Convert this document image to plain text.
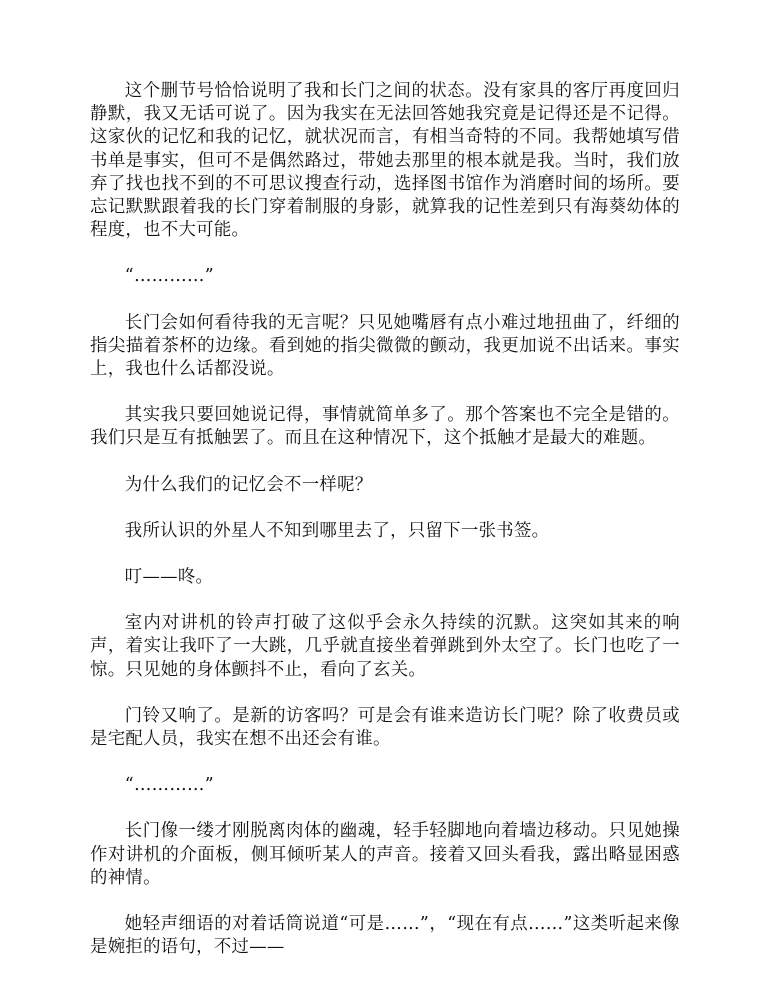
这个删节号恰恰说明了我和长门之间的状态。没有家具的客厅再度回归静默，我又无话可说了。因为我实在无法回答她我究竟是记得还是不记得。这家伙的记忆和我的记忆，就状况而言，有相当奇特的不同。我帮她填写借书单是事实，但可不是偶然路过，带她去那里的根本就是我。当时，我们放弃了找也找不到的不可思议搜查行动，选择图书馆作为消磨时间的场所。要忘记默默跟着我的长门穿着制服的身影，就算我的记性差到只有海葵幼体的程度，也不大可能。

“…………”

长门会如何看待我的无言呢？只见她嘴唇有点小难过地扭曲了，纤细的指尖描着茶杯的边缘。看到她的指尖微微的颤动，我更加说不出话来。事实上，我也什么话都没说。

其实我只要回她说记得，事情就简单多了。那个答案也不完全是错的。我们只是互有抵触罢了。而且在这种情况下，这个抵触才是最大的难题。

为什么我们的记忆会不一样呢？

我所认识的外星人不知到哪里去了，只留下一张书签。

叮——咚。

室内对讲机的铃声打破了这似乎会永久持续的沉默。这突如其来的响声，着实让我吓了一大跳，几乎就直接坐着弹跳到外太空了。长门也吃了一惊。只见她的身体颤抖不止，看向了玄关。

门铃又响了。是新的访客吗？可是会有谁来造访长门呢？除了收费员或是宅配人员，我实在想不出还会有谁。

“…………”

长门像一缕才刚脱离肉体的幽魂，轻手轻脚地向着墙边移动。只见她操作对讲机的介面板，侧耳倾听某人的声音。接着又回头看我，露出略显困惑的神情。

她轻声细语的对着话筒说道“可是……”，“现在有点……”这类听起来像是婉拒的语句，不过——
